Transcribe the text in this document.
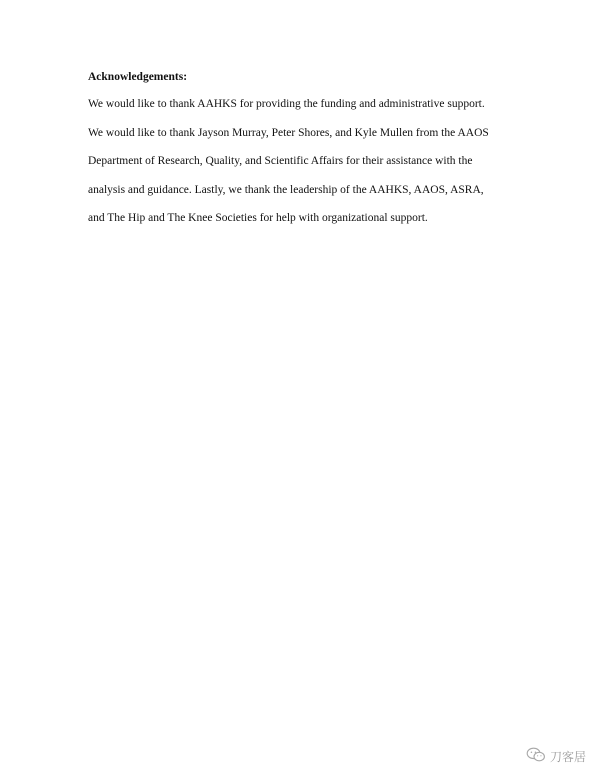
Acknowledgements:
We would like to thank AAHKS for providing the funding and administrative support.
We would like to thank Jayson Murray, Peter Shores, and Kyle Mullen from the AAOS
Department of Research, Quality, and Scientific Affairs for their assistance with the
analysis and guidance. Lastly, we thank the leadership of the AAHKS, AAOS, ASRA,
and The Hip and The Knee Societies for help with organizational support.
刀客居
